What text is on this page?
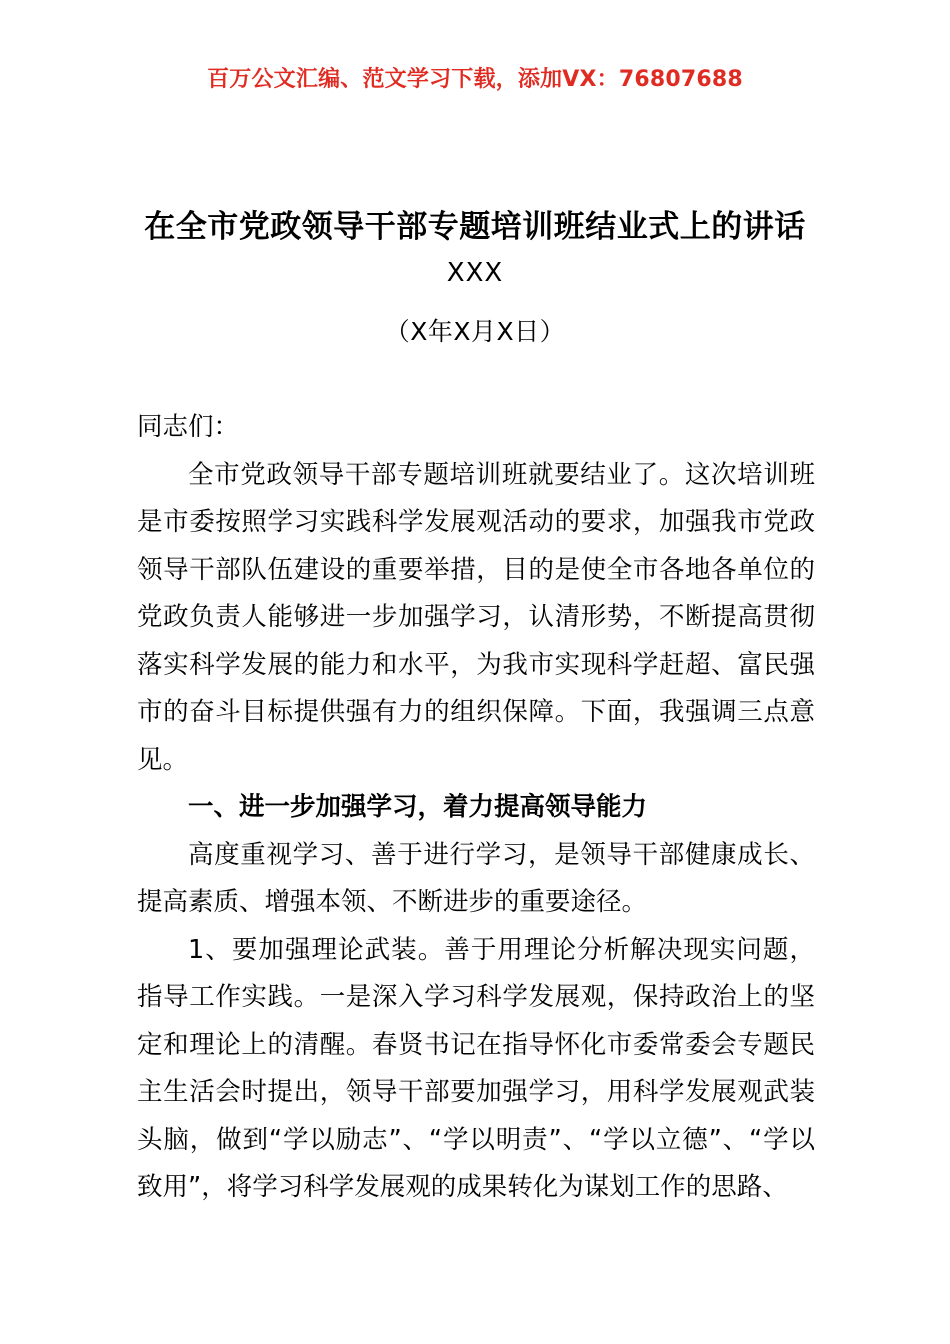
百万公文汇编、范文学习下载，添加VX：76807688
在全市党政领导干部专题培训班结业式上的讲话
XXX
（X年X月X日）

同志们：

全市党政领导干部专题培训班就要结业了。这次培训班是市委按照学习实践科学发展观活动的要求，加强我市党政领导干部队伍建设的重要举措，目的是使全市各地各单位的党政负责人能够进一步加强学习，认清形势，不断提高贯彻落实科学发展的能力和水平，为我市实现科学赶超、富民强市的奋斗目标提供强有力的组织保障。下面，我强调三点意见。

一、进一步加强学习，着力提高领导能力

高度重视学习、善于进行学习，是领导干部健康成长、提高素质、增强本领、不断进步的重要途径。

1、要加强理论武装。善于用理论分析解决现实问题，指导工作实践。一是深入学习科学发展观，保持政治上的坚定和理论上的清醒。春贤书记在指导怀化市委常委会专题民主生活会时提出，领导干部要加强学习，用科学发展观武装头脑，做到“学以励志”、“学以明责”、“学以立德”、“学以致用”，将学习科学发展观的成果转化为谋划工作的思路、
